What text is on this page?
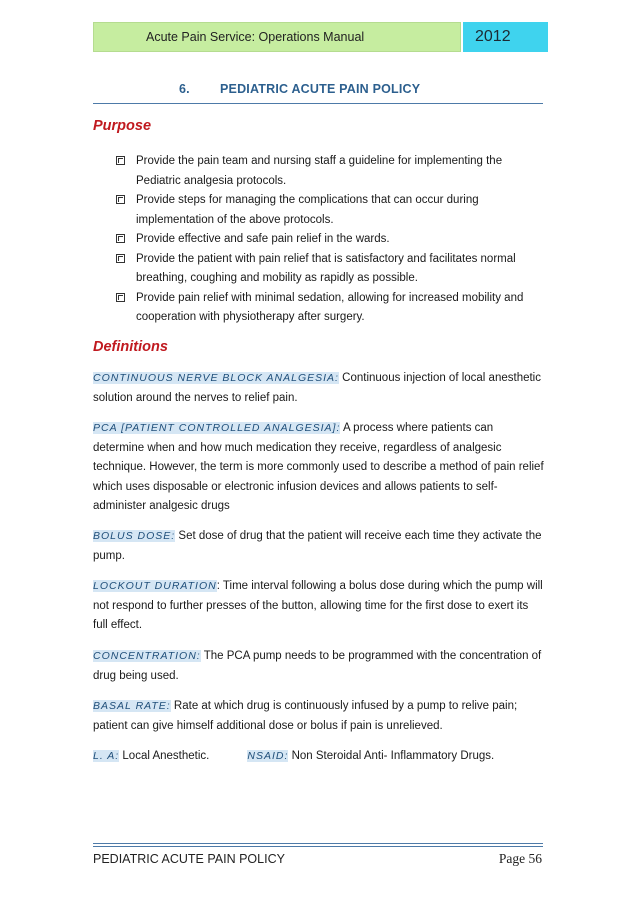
Acute Pain Service: Operations Manual	2012
6. PEDIATRIC ACUTE PAIN POLICY
Purpose
Provide the pain team and nursing staff a guideline for implementing the Pediatric analgesia protocols.
Provide steps for managing the complications that can occur during implementation of the above protocols.
Provide effective and safe pain relief in the wards.
Provide the patient with pain relief that is satisfactory and facilitates normal breathing, coughing and mobility as rapidly as possible.
Provide pain relief with minimal sedation, allowing for increased mobility and cooperation with physiotherapy after surgery.
Definitions
CONTINUOUS NERVE BLOCK ANALGESIA: Continuous injection of local anesthetic solution around the nerves to relief pain.
PCA [PATIENT CONTROLLED ANALGESIA]: A process where patients can determine when and how much medication they receive, regardless of analgesic technique. However, the term is more commonly used to describe a method of pain relief which uses disposable or electronic infusion devices and allows patients to self-administer analgesic drugs
BOLUS DOSE: Set dose of drug that the patient will receive each time they activate the pump.
LOCKOUT DURATION: Time interval following a bolus dose during which the pump will not respond to further presses of the button, allowing time for the first dose to exert its full effect.
CONCENTRATION: The PCA pump needs to be programmed with the concentration of drug being used.
BASAL RATE: Rate at which drug is continuously infused by a pump to relive pain; patient can give himself additional dose or bolus if pain is unrelieved.
L. A: Local Anesthetic.	NSAID: Non Steroidal Anti- Inflammatory Drugs.
PEDIATRIC ACUTE PAIN POLICY	Page 56
